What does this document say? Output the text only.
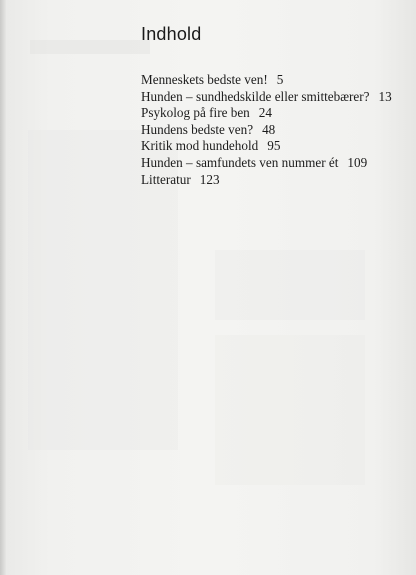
Indhold
Menneskets bedste ven! 5
Hunden – sundhedskilde eller smittebærer? 13
Psykolog på fire ben 24
Hundens bedste ven? 48
Kritik mod hundehold 95
Hunden – samfundets ven nummer ét 109
Litteratur 123
